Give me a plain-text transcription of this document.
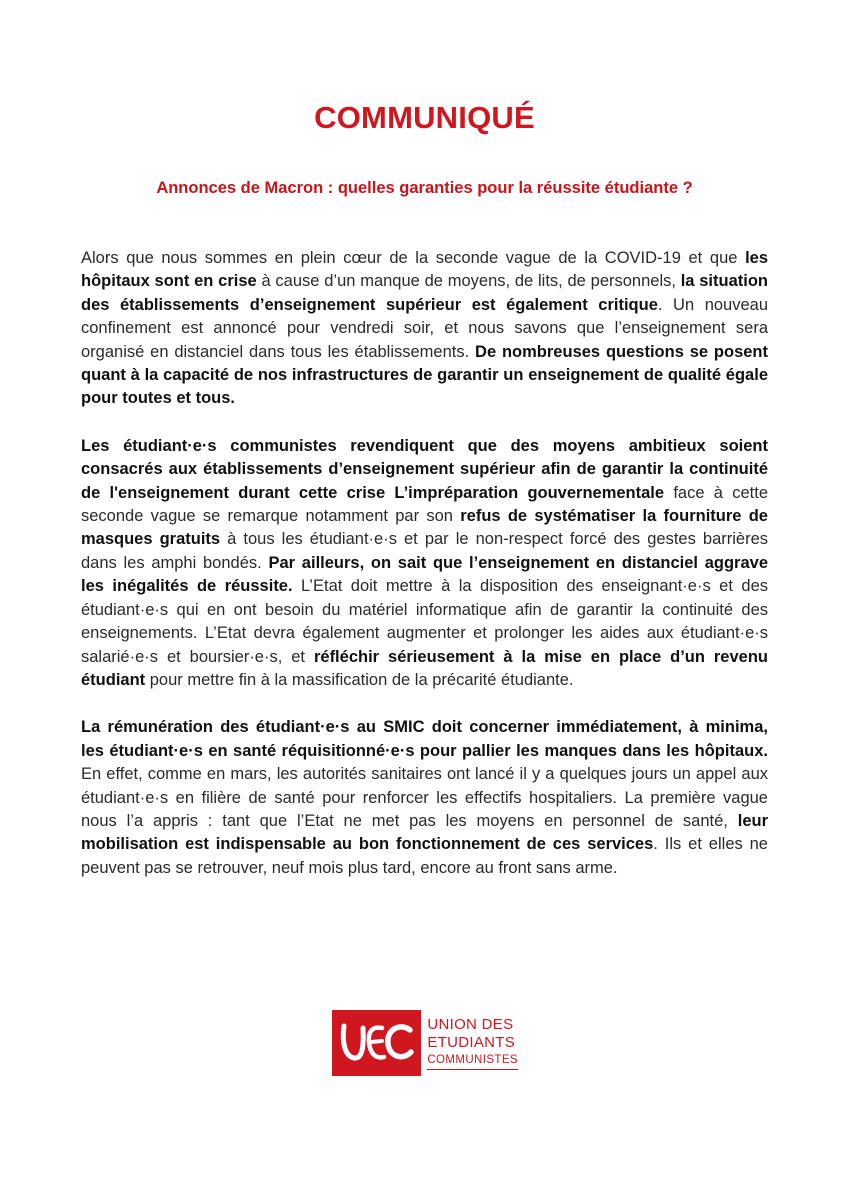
COMMUNIQUÉ
Annonces de Macron : quelles garanties pour la réussite étudiante ?

Alors que nous sommes en plein cœur de la seconde vague de la COVID-19 et que les hôpitaux sont en crise à cause d’un manque de moyens, de lits, de personnels, la situation des établissements d’enseignement supérieur est également critique. Un nouveau confinement est annoncé pour vendredi soir, et nous savons que l’enseignement sera organisé en distanciel dans tous les établissements. De nombreuses questions se posent quant à la capacité de nos infrastructures de garantir un enseignement de qualité égale pour toutes et tous.

Les étudiant·e·s communistes revendiquent que des moyens ambitieux soient consacrés aux établissements d’enseignement supérieur afin de garantir la continuité de l'enseignement durant cette crise L’impréparation gouvernementale face à cette seconde vague se remarque notamment par son refus de systématiser la fourniture de masques gratuits à tous les étudiant·e·s et par le non-respect forcé des gestes barrières dans les amphi bondés. Par ailleurs, on sait que l’enseignement en distanciel aggrave les inégalités de réussite. L’Etat doit mettre à la disposition des enseignant·e·s et des étudiant·e·s qui en ont besoin du matériel informatique afin de garantir la continuité des enseignements. L’Etat devra également augmenter et prolonger les aides aux étudiant·e·s salarié·e·s et boursier·e·s, et réfléchir sérieusement à la mise en place d’un revenu étudiant pour mettre fin à la massification de la précarité étudiante.

La rémunération des étudiant·e·s au SMIC doit concerner immédiatement, à minima, les étudiant·e·s en santé réquisitionné·e·s pour pallier les manques dans les hôpitaux. En effet, comme en mars, les autorités sanitaires ont lancé il y a quelques jours un appel aux étudiant·e·s en filière de santé pour renforcer les effectifs hospitaliers. La première vague nous l’a appris : tant que l’Etat ne met pas les moyens en personnel de santé, leur mobilisation est indispensable au bon fonctionnement de ces services. Ils et elles ne peuvent pas se retrouver, neuf mois plus tard, encore au front sans arme.

UNION DES
ETUDIANTS
COMMUNISTES
